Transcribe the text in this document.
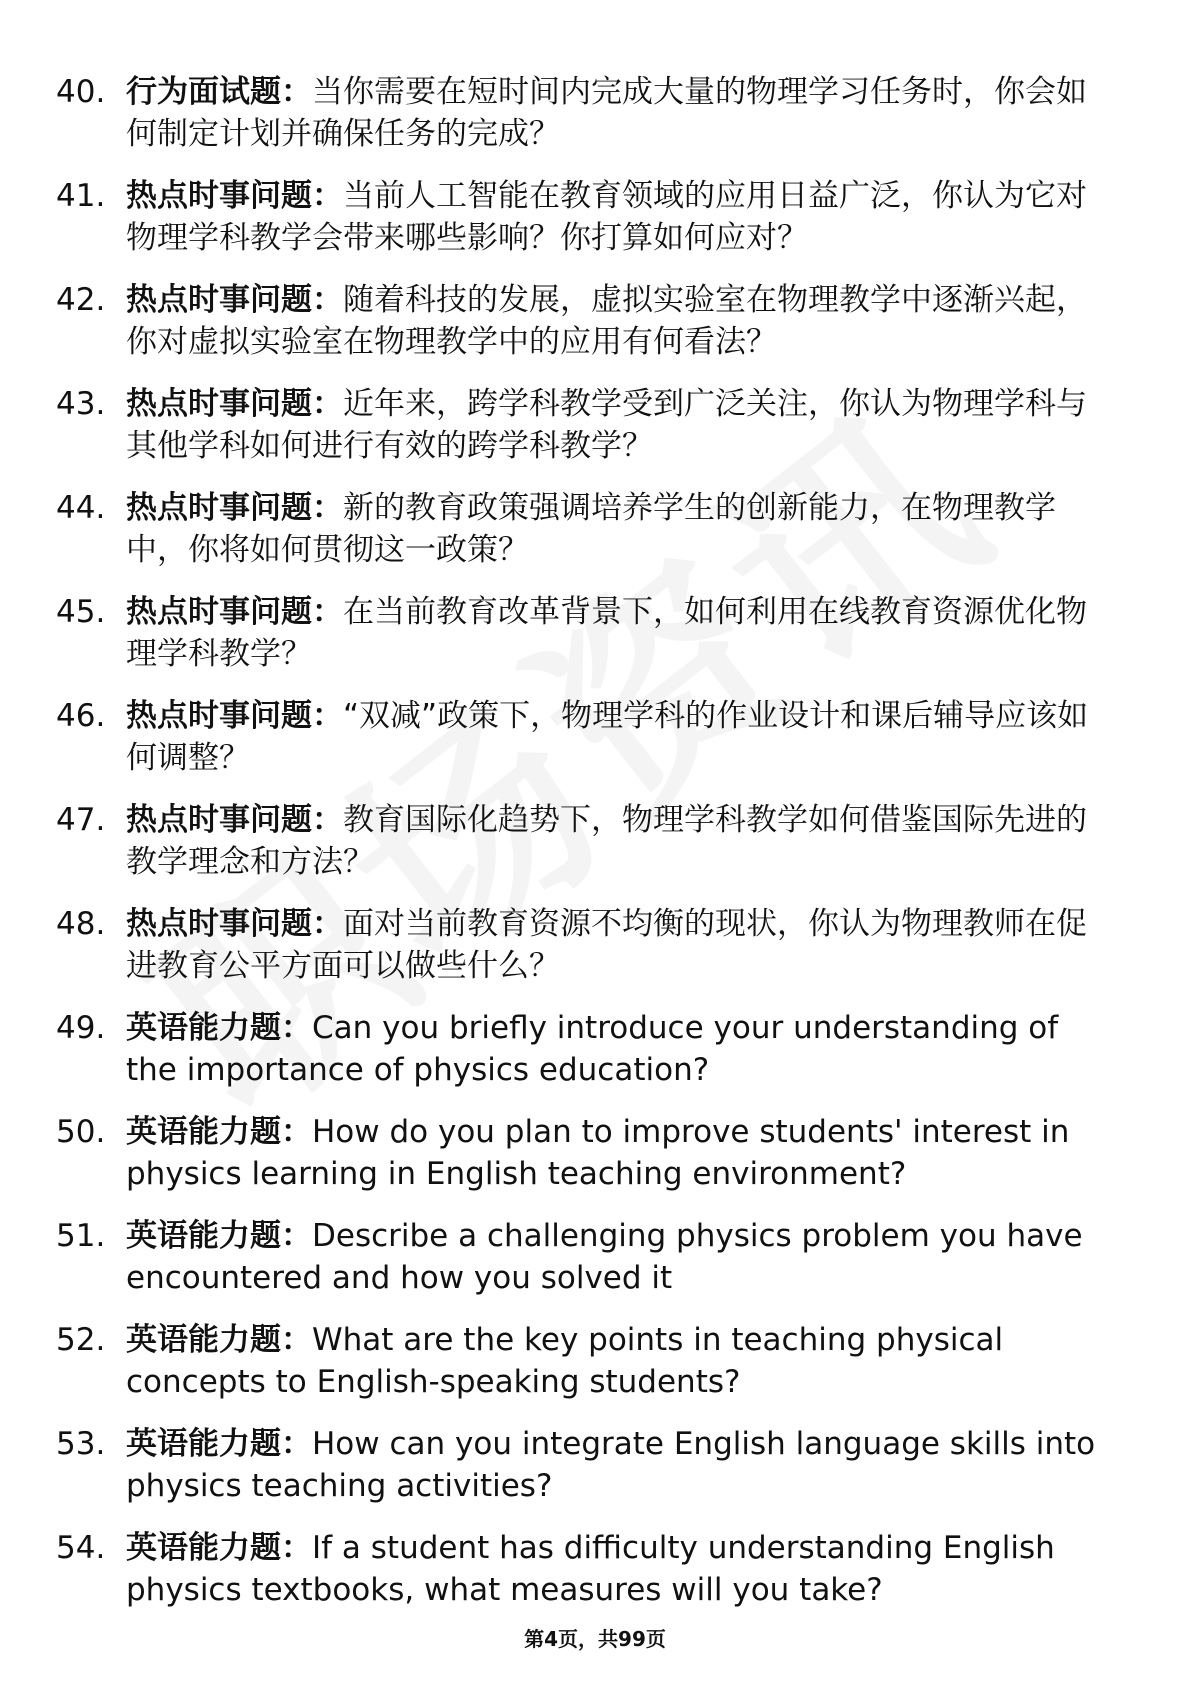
40. 行为面试题：当你需要在短时间内完成大量的物理学习任务时，你会如何制定计划并确保任务的完成？
41. 热点时事问题：当前人工智能在教育领域的应用日益广泛，你认为它对物理学科教学会带来哪些影响？你打算如何应对？
42. 热点时事问题：随着科技的发展，虚拟实验室在物理教学中逐渐兴起，你对虚拟实验室在物理教学中的应用有何看法？
43. 热点时事问题：近年来，跨学科教学受到广泛关注，你认为物理学科与其他学科如何进行有效的跨学科教学？
44. 热点时事问题：新的教育政策强调培养学生的创新能力，在物理教学中，你将如何贯彻这一政策？
45. 热点时事问题：在当前教育改革背景下，如何利用在线教育资源优化物理学科教学？
46. 热点时事问题：“双减”政策下，物理学科的作业设计和课后辅导应该如何调整？
47. 热点时事问题：教育国际化趋势下，物理学科教学如何借鉴国际先进的教学理念和方法？
48. 热点时事问题：面对当前教育资源不均衡的现状，你认为物理教师在促进教育公平方面可以做些什么？
49. 英语能力题：Can you briefly introduce your understanding of the importance of physics education?
50. 英语能力题：How do you plan to improve students' interest in physics learning in English teaching environment?
51. 英语能力题：Describe a challenging physics problem you have encountered and how you solved it
52. 英语能力题：What are the key points in teaching physical concepts to English-speaking students?
53. 英语能力题：How can you integrate English language skills into physics teaching activities?
54. 英语能力题：If a student has difficulty understanding English physics textbooks, what measures will you take?
第4页，共99页
